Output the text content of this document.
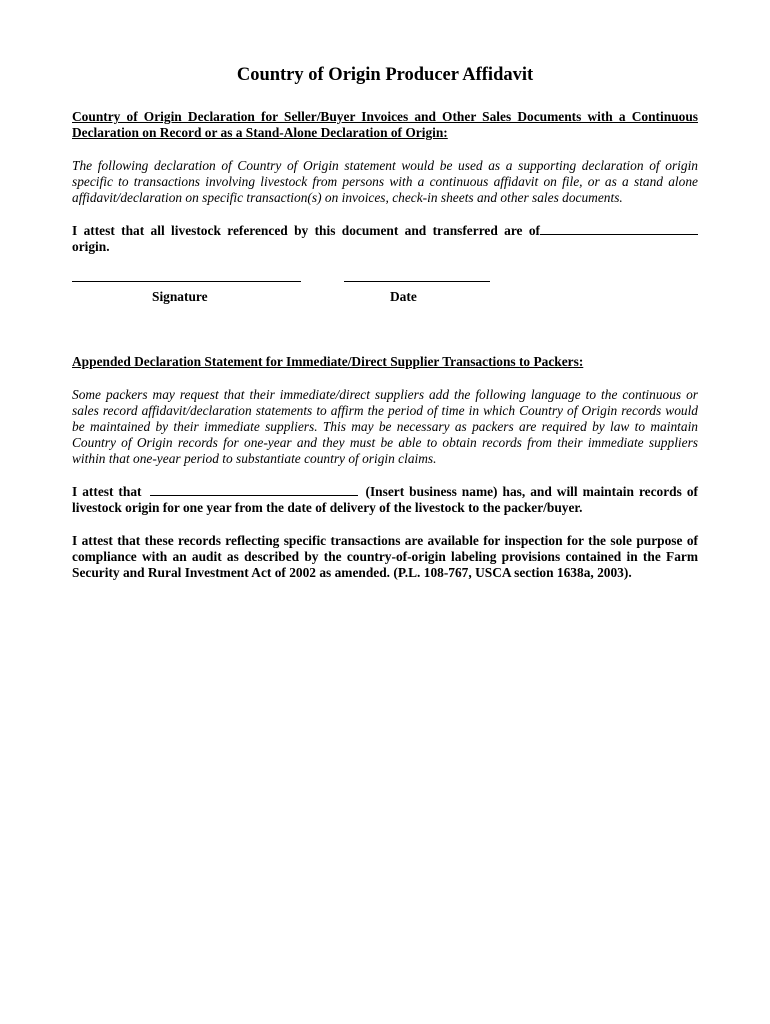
Country of Origin Producer Affidavit
Country of Origin Declaration for Seller/Buyer Invoices and Other Sales Documents with a Continuous Declaration on Record or as a Stand-Alone Declaration of Origin:
The following declaration of Country of Origin statement would be used as a supporting declaration of origin specific to transactions involving livestock from persons with a continuous affidavit on file, or as a stand alone affidavit/declaration on specific transaction(s) on invoices, check-in sheets and other sales documents.
I attest that all livestock referenced by this document and transferred are of origin.
Signature	Date
Appended Declaration Statement for Immediate/Direct Supplier Transactions to Packers:
Some packers may request that their immediate/direct suppliers add the following language to the continuous or sales record affidavit/declaration statements to affirm the period of time in which Country of Origin records would be maintained by their immediate suppliers. This may be necessary as packers are required by law to maintain Country of Origin records for one-year and they must be able to obtain records from their immediate suppliers within that one-year period to substantiate country of origin claims.
I attest that	(Insert business name) has, and will maintain records of livestock origin for one year from the date of delivery of the livestock to the packer/buyer.
I attest that these records reflecting specific transactions are available for inspection for the sole purpose of compliance with an audit as described by the country-of-origin labeling provisions contained in the Farm Security and Rural Investment Act of 2002 as amended. (P.L. 108-767, USCA section 1638a, 2003).
